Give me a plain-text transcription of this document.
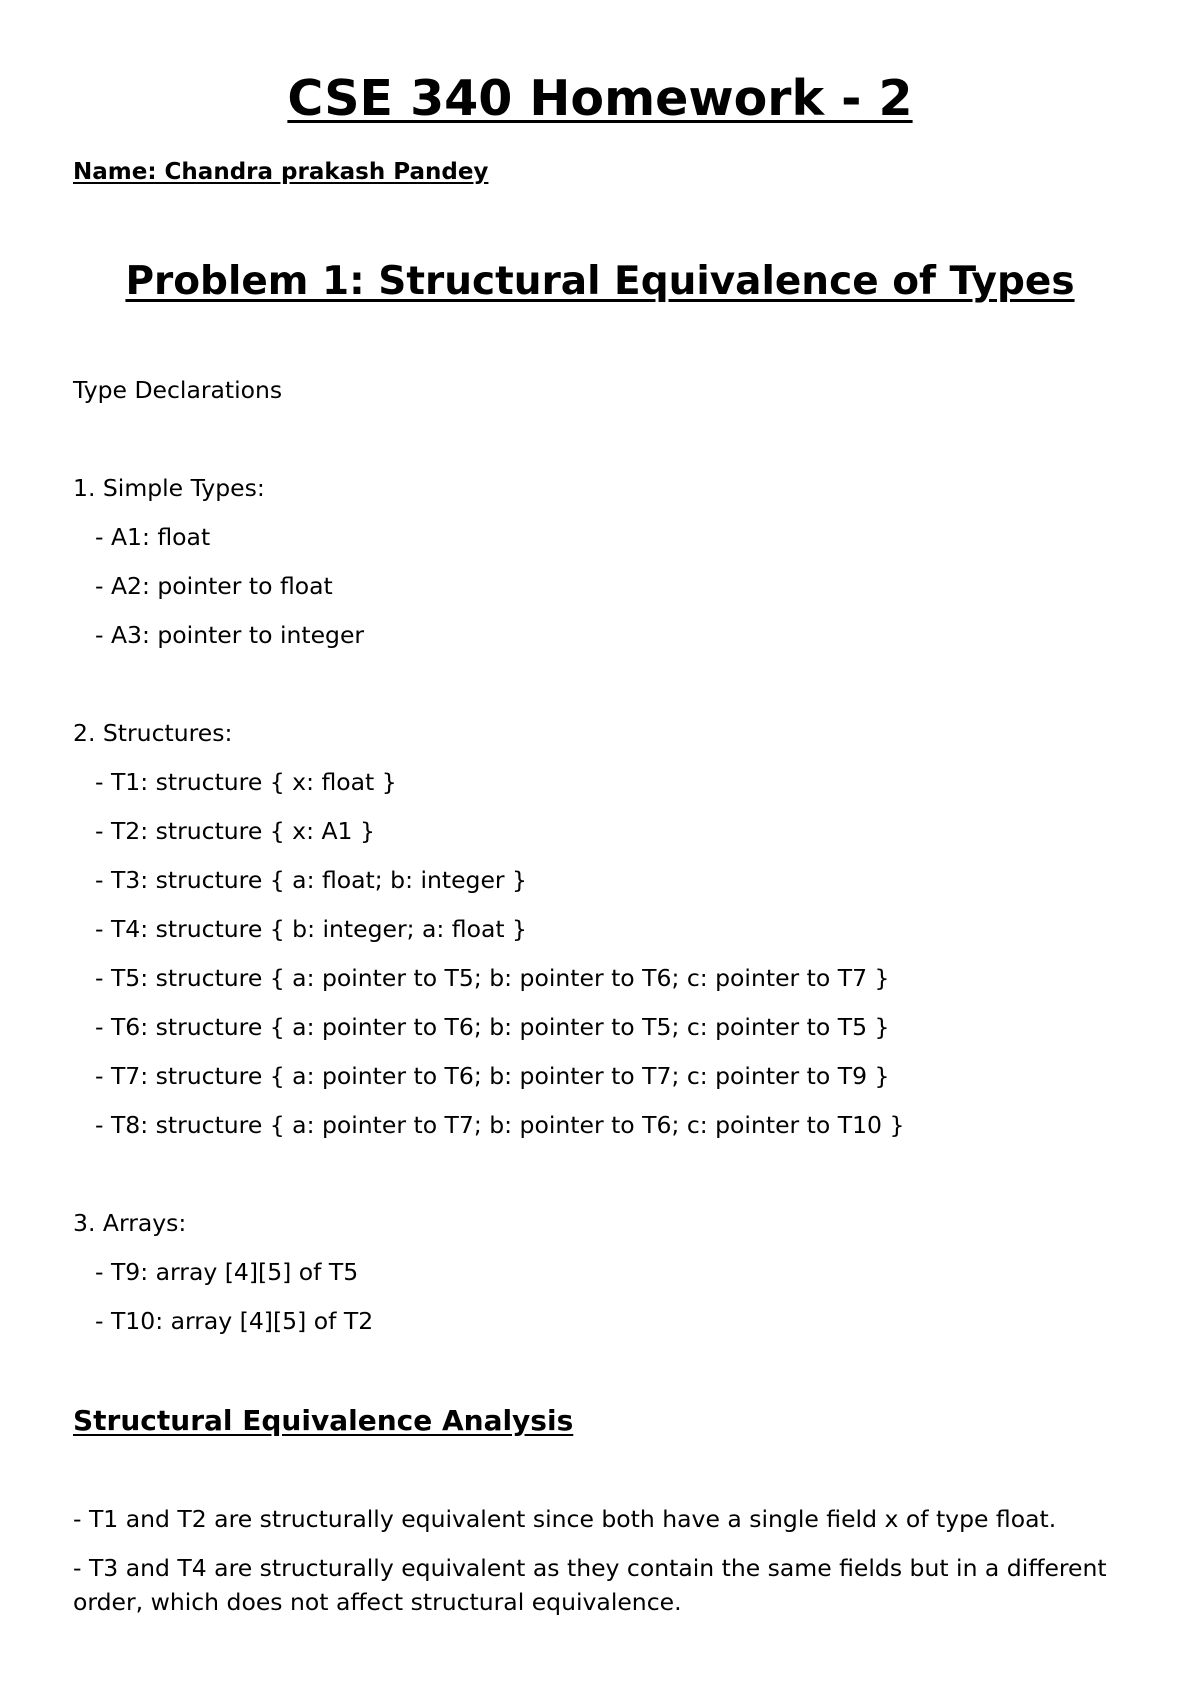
CSE 340 Homework - 2
Name: Chandra prakash Pandey
Problem 1: Structural Equivalence of Types
Type Declarations
1. Simple Types:
- A1: float
- A2: pointer to float
- A3: pointer to integer
2. Structures:
- T1: structure { x: float }
- T2: structure { x: A1 }
- T3: structure { a: float; b: integer }
- T4: structure { b: integer; a: float }
- T5: structure { a: pointer to T5; b: pointer to T6; c: pointer to T7 }
- T6: structure { a: pointer to T6; b: pointer to T5; c: pointer to T5 }
- T7: structure { a: pointer to T6; b: pointer to T7; c: pointer to T9 }
- T8: structure { a: pointer to T7; b: pointer to T6; c: pointer to T10 }
3. Arrays:
- T9: array [4][5] of T5
- T10: array [4][5] of T2
Structural Equivalence Analysis
- T1 and T2 are structurally equivalent since both have a single field x of type float.
- T3 and T4 are structurally equivalent as they contain the same fields but in a different order, which does not affect structural equivalence.
